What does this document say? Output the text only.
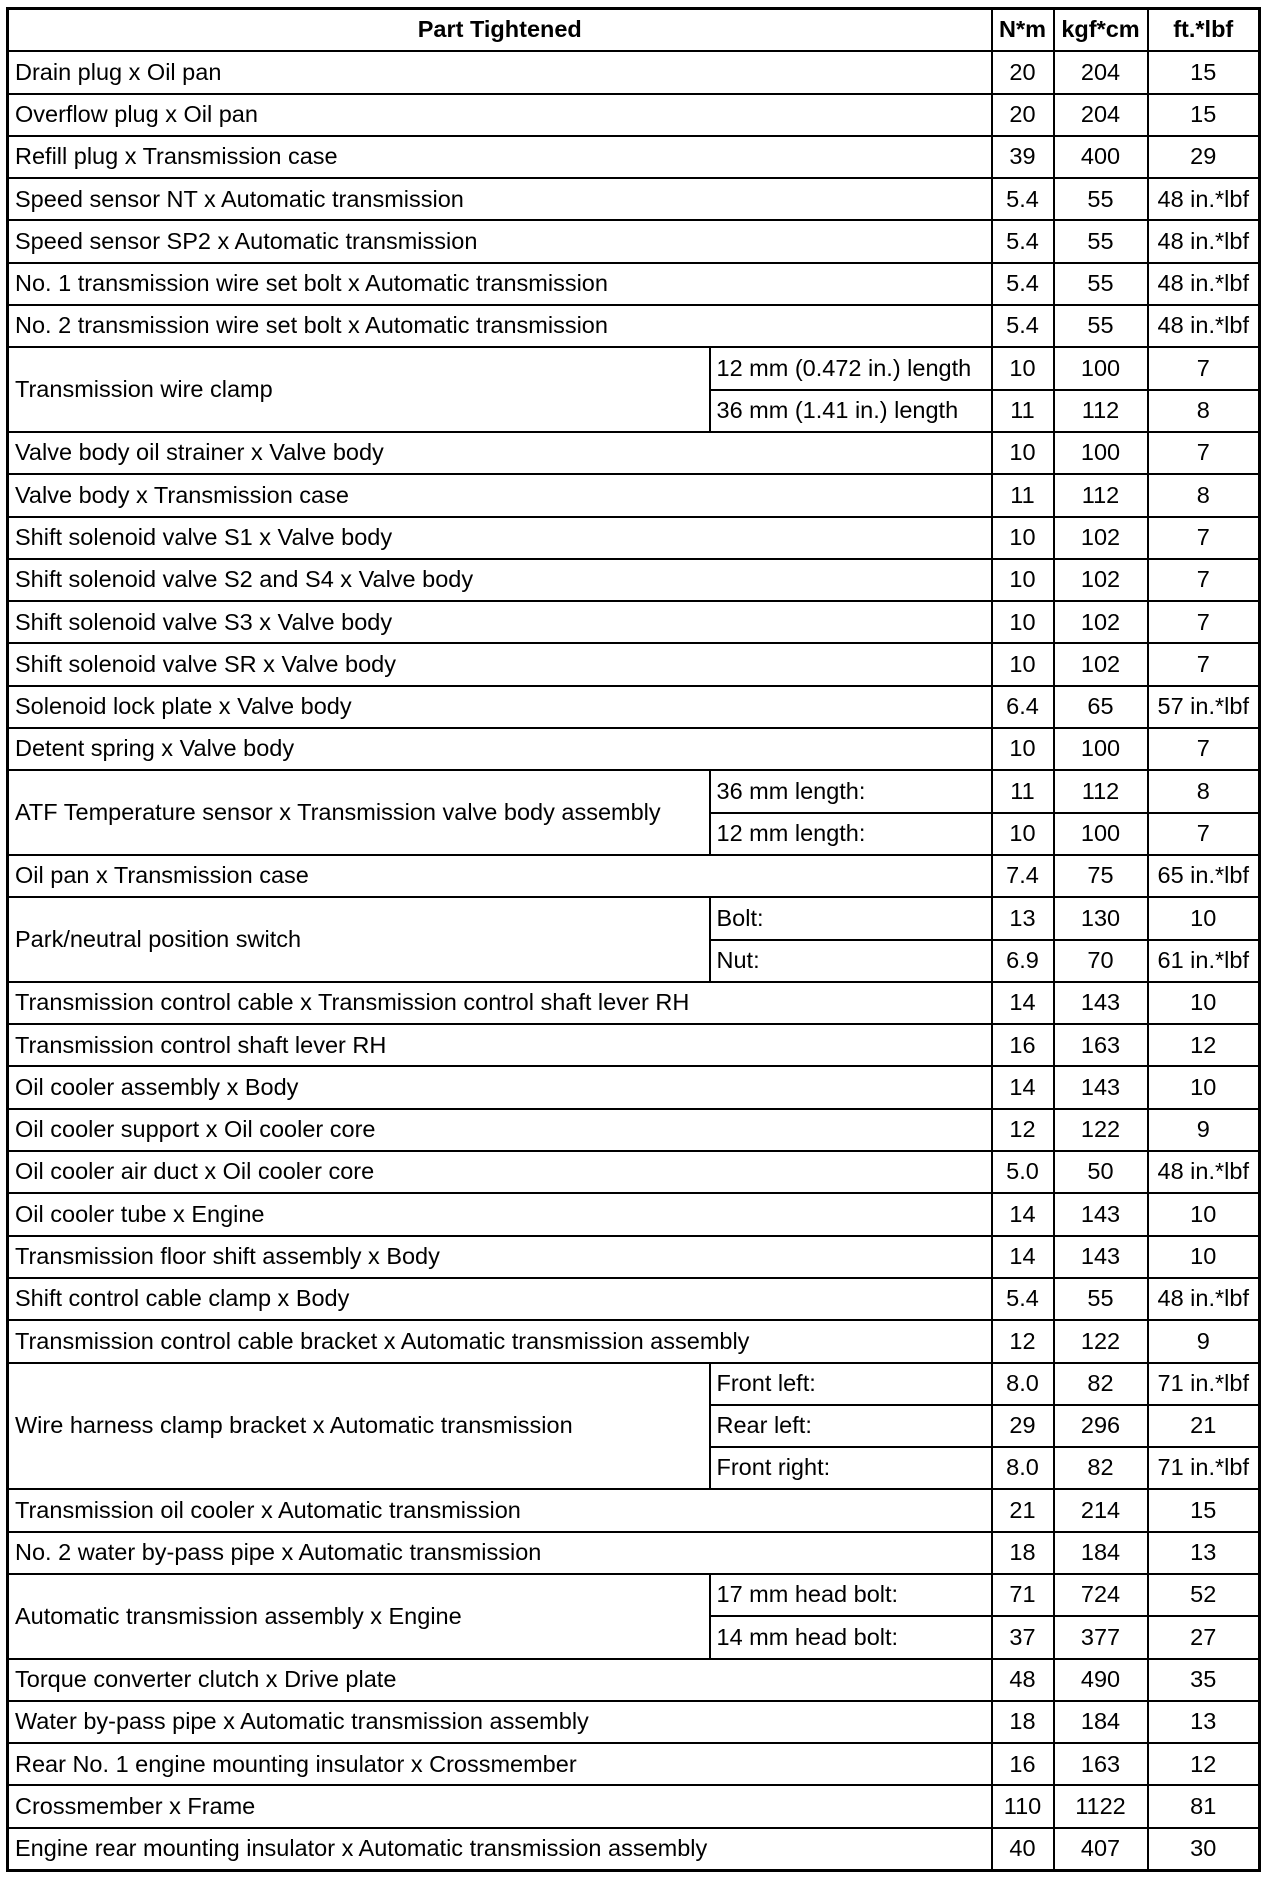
Part Tightened		N*m	kgf*cm	ft.*lbf
Drain plug x Oil pan		20	204	15
Overflow plug x Oil pan		20	204	15
Refill plug x Transmission case		39	400	29
Speed sensor NT x Automatic transmission		5.4	55	48 in.*lbf
Speed sensor SP2 x Automatic transmission		5.4	55	48 in.*lbf
No. 1 transmission wire set bolt x Automatic transmission		5.4	55	48 in.*lbf
No. 2 transmission wire set bolt x Automatic transmission		5.4	55	48 in.*lbf
Transmission wire clamp	12 mm (0.472 in.) length	10	100	7
	36 mm (1.41 in.) length	11	112	8
Valve body oil strainer x Valve body		10	100	7
Valve body x Transmission case		11	112	8
Shift solenoid valve S1 x Valve body		10	102	7
Shift solenoid valve S2 and S4 x Valve body		10	102	7
Shift solenoid valve S3 x Valve body		10	102	7
Shift solenoid valve SR x Valve body		10	102	7
Solenoid lock plate x Valve body		6.4	65	57 in.*lbf
Detent spring x Valve body		10	100	7
ATF Temperature sensor x Transmission valve body assembly	36 mm length:	11	112	8
	12 mm length:	10	100	7
Oil pan x Transmission case		7.4	75	65 in.*lbf
Park/neutral position switch	Bolt:	13	130	10
	Nut:	6.9	70	61 in.*lbf
Transmission control cable x Transmission control shaft lever RH		14	143	10
Transmission control shaft lever RH		16	163	12
Oil cooler assembly x Body		14	143	10
Oil cooler support x Oil cooler core		12	122	9
Oil cooler air duct x Oil cooler core		5.0	50	48 in.*lbf
Oil cooler tube x Engine		14	143	10
Transmission floor shift assembly x Body		14	143	10
Shift control cable clamp x Body		5.4	55	48 in.*lbf
Transmission control cable bracket x Automatic transmission assembly		12	122	9
Wire harness clamp bracket x Automatic transmission	Front left:	8.0	82	71 in.*lbf
	Rear left:	29	296	21
	Front right:	8.0	82	71 in.*lbf
Transmission oil cooler x Automatic transmission		21	214	15
No. 2 water by-pass pipe x Automatic transmission		18	184	13
Automatic transmission assembly x Engine	17 mm head bolt:	71	724	52
	14 mm head bolt:	37	377	27
Torque converter clutch x Drive plate		48	490	35
Water by-pass pipe x Automatic transmission assembly		18	184	13
Rear No. 1 engine mounting insulator x Crossmember		16	163	12
Crossmember x Frame		110	1122	81
Engine rear mounting insulator x Automatic transmission assembly		40	407	30
